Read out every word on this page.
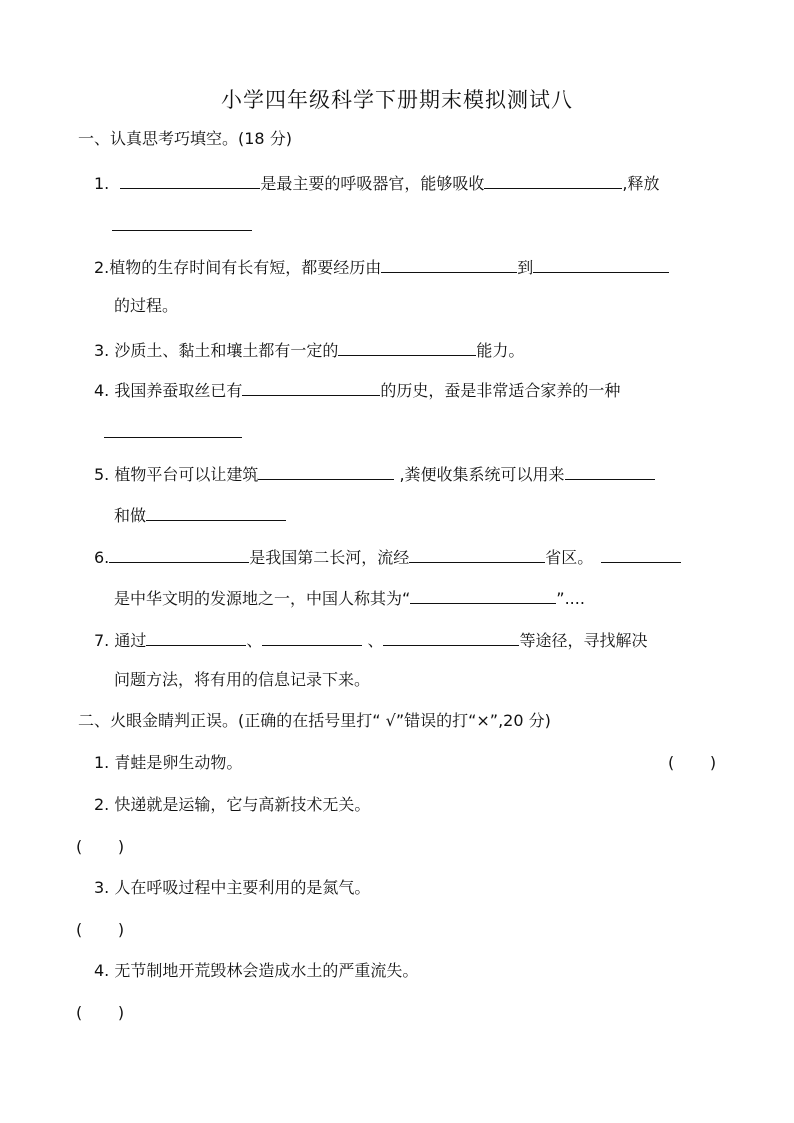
小学四年级科学下册期末模拟测试八
一、认真思考巧填空。(18 分)
1.	是最主要的呼吸器官，能够吸收	,释放
2.植物的生存时间有长有短，都要经历由	到
的过程。
3. 沙质土、黏土和壤土都有一定的	能力。
4. 我国养蚕取丝已有	的历史，蚕是非常适合家养的一种
5. 植物平台可以让建筑	,粪便收集系统可以用来
和做
6.	是我国第二长河，流经	省区。
是中华文明的发源地之一，中国人称其为“	”....
7. 通过	、	、	等途径，寻找解决
问题方法，将有用的信息记录下来。
二、火眼金睛判正误。(正确的在括号里打“ √”错误的打“×”,20 分)
1. 青蛙是卵生动物。	(       )
2. 快递就是运输，它与高新技术无关。
(       )
3. 人在呼吸过程中主要利用的是氮气。
(       )
4. 无节制地开荒毁林会造成水土的严重流失。
(       )
